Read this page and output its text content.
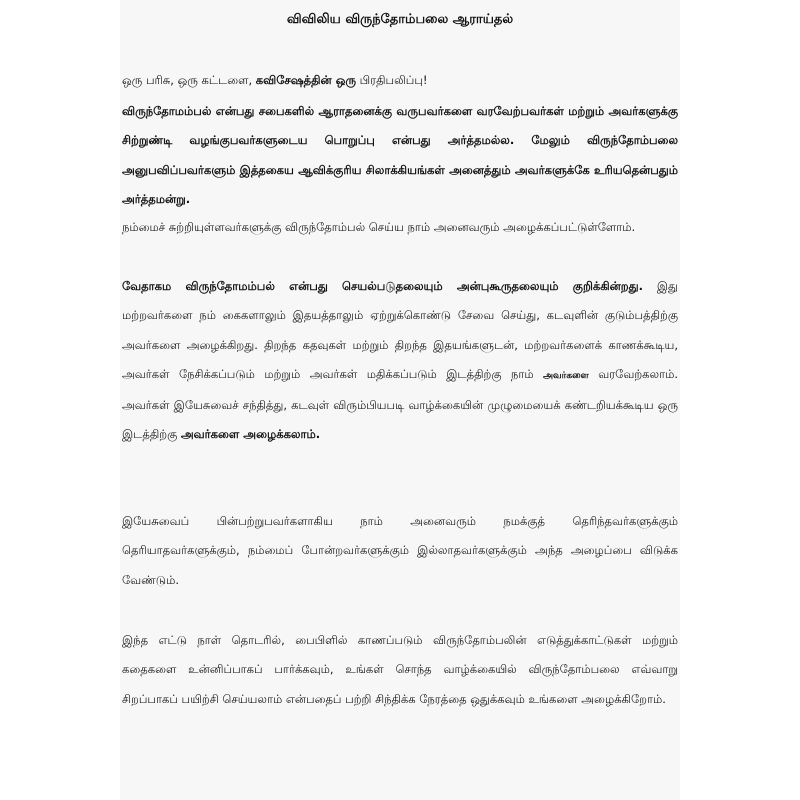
விவிலிய விருந்தோம்பலை ஆராய்தல்
ஒரு பரிசு, ஒரு கட்டளை, கவிசேஷத்தின் ஒரு பிரதிபலிப்பு!
விருந்தோமம்பல் என்பது சபைகளில் ஆராதனைக்கு வருபவர்களை வரவேற்பவர்கள் மற்றும் அவர்களுக்கு சிற்றுண்டி வழங்குபவர்களுடைய பொறுப்பு என்பது அர்த்தமல்ல. மேலும் விருந்தோம்பலை அனுபவிப்பவர்களும் இத்தகைய ஆவிக்குரிய சிலாக்கியங்கள் அனைத்தும் அவர்களுக்கே உரியதென்பதும் அர்த்தமன்று.
நம்மைச் சுற்றியுள்ளவர்களுக்கு விருந்தோம்பல் செய்ய நாம் அனைவரும் அழைக்கப்பட்டுள்ளோம்.
வேதாகம விருந்தோமம்பல் என்பது செயல்படுதலையும் அன்புகூருதலையும் குறிக்கின்றது. இது மற்றவர்களை நம் கைகளாலும் இதயத்தாலும் ஏற்றுக்கொண்டு சேவை செய்து, கடவுளின் குடும்பத்திற்கு அவர்களை அழைக்கிறது. திறந்த கதவுகள் மற்றும் திறந்த இதயங்களுடன், மற்றவர்களைக் காணக்கூடிய, அவர்கள் நேசிக்கப்படும் மற்றும் அவர்கள் மதிக்கப்படும் இடத்திற்கு நாம் அவர்களை வரவேற்கலாம். அவர்கள் இயேசுவைச் சந்தித்து, கடவுள் விரும்பியபடி வாழ்க்கையின் முழுமையைக் கண்டறியக்கூடிய ஒரு இடத்திற்கு அவர்களை அழைக்கலாம்.
இயேசுவைப் பின்பற்றுபவர்களாகிய நாம் அனைவரும் நமக்குத் தெரிந்தவர்களுக்கும் தெரியாதவர்களுக்கும், நம்மைப் போன்றவர்களுக்கும் இல்லாதவர்களுக்கும் அந்த அழைப்பை விடுக்க வேண்டும்.
இந்த எட்டு நாள் தொடரில், பைபிளில் காணப்படும் விருந்தோம்பலின் எடுத்துக்காட்டுகள் மற்றும் கதைகளை உன்னிப்பாகப் பார்க்கவும், உங்கள் சொந்த வாழ்க்கையில் விருந்தோம்பலை எவ்வாறு சிறப்பாகப் பயிற்சி செய்யலாம் என்பதைப் பற்றி சிந்திக்க நேரத்தை ஒதுக்கவும் உங்களை அழைக்கிறோம்.
